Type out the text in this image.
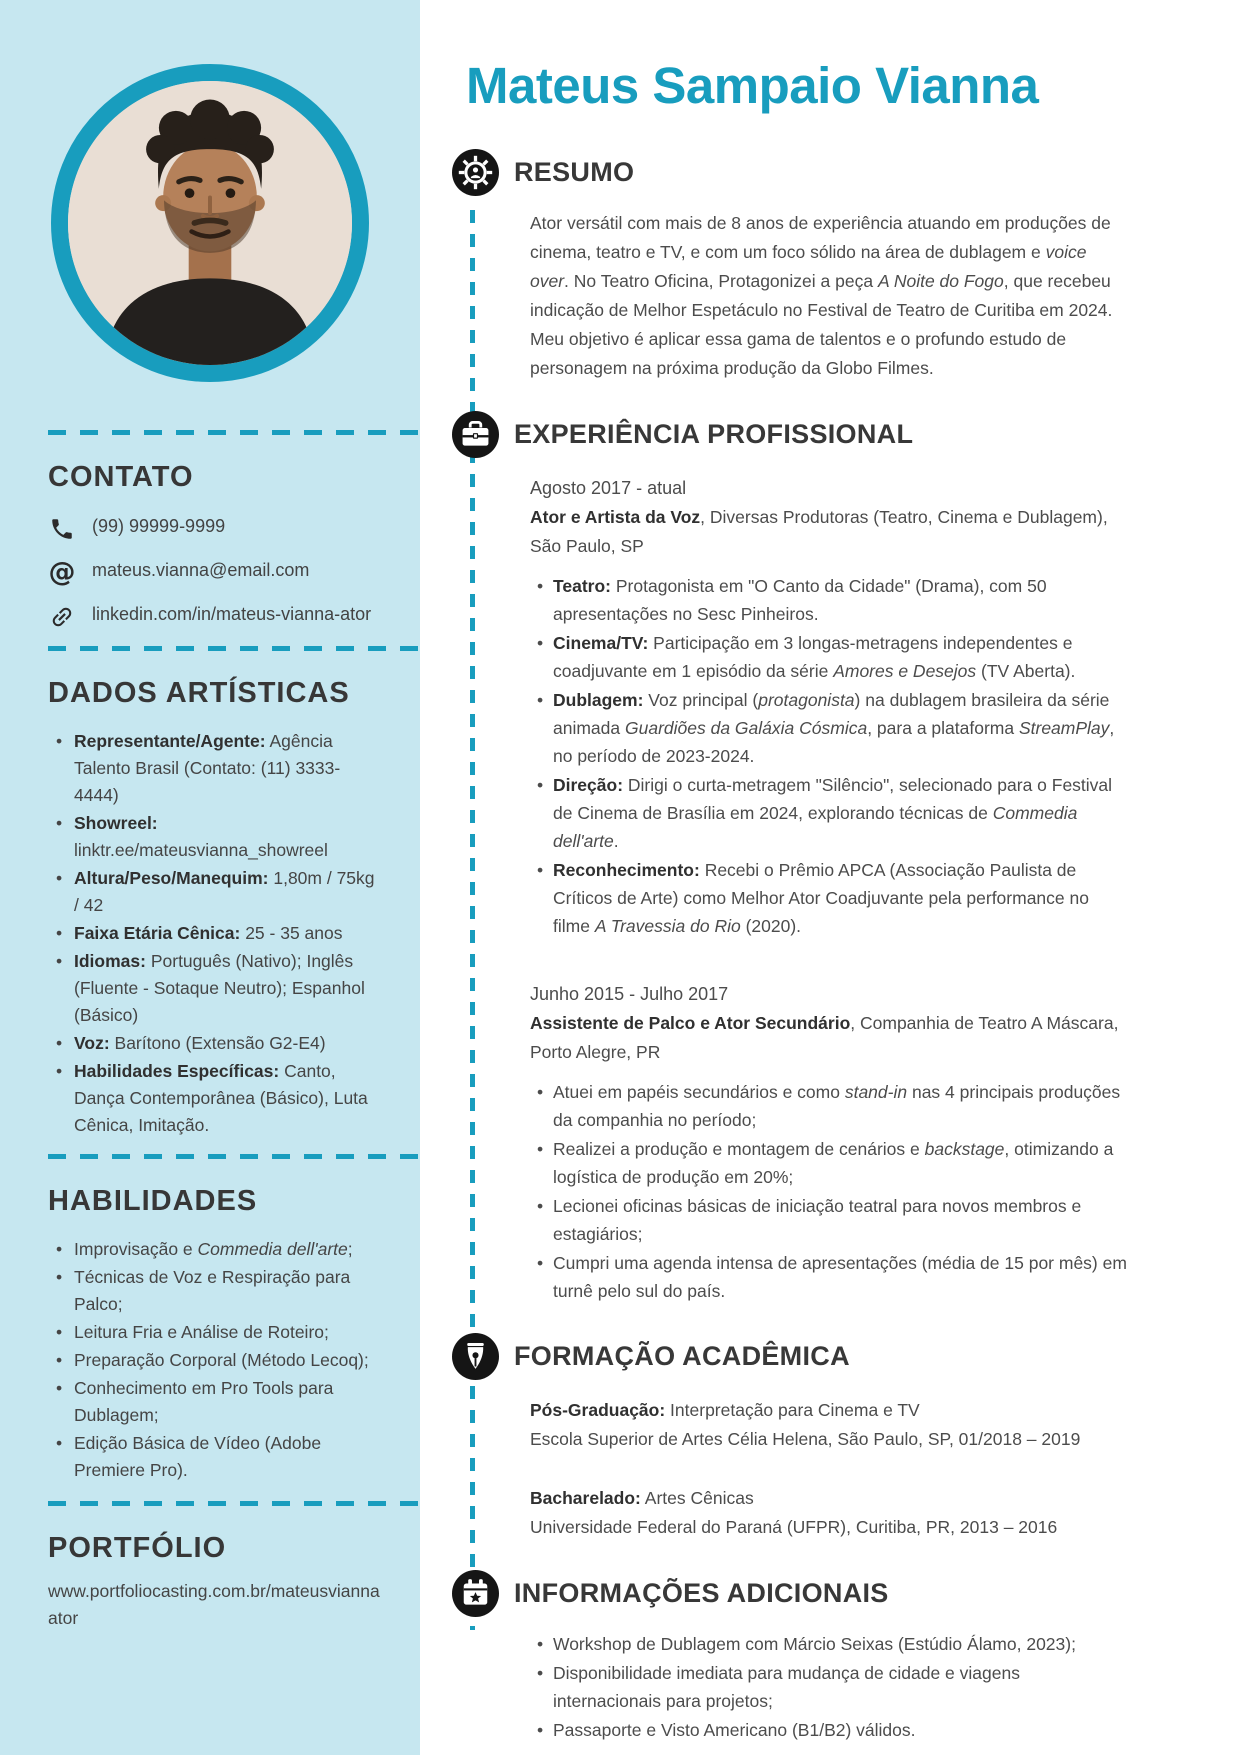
CONTATO
(99) 99999-9999
@ mateus.vianna@email.com
linkedin.com/in/mateus-vianna-ator
DADOS ARTÍSTICAS
• Representante/Agente: Agência Talento Brasil (Contato: (11) 3333-4444)
• Showreel: linktr.ee/mateusvianna_showreel
• Altura/Peso/Manequim: 1,80m / 75kg / 42
• Faixa Etária Cênica: 25 - 35 anos
• Idiomas: Português (Nativo); Inglês (Fluente - Sotaque Neutro); Espanhol (Básico)
• Voz: Barítono (Extensão G2-E4)
• Habilidades Específicas: Canto, Dança Contemporânea (Básico), Luta Cênica, Imitação.
HABILIDADES
• Improvisação e Commedia dell'arte;
• Técnicas de Voz e Respiração para Palco;
• Leitura Fria e Análise de Roteiro;
• Preparação Corporal (Método Lecoq);
• Conhecimento em Pro Tools para Dublagem;
• Edição Básica de Vídeo (Adobe Premiere Pro).
PORTFÓLIO
www.portfoliocasting.com.br/mateusviannaator
Mateus Sampaio Vianna
RESUMO

Ator versátil com mais de 8 anos de experiência atuando em produções de cinema, teatro e TV, e com um foco sólido na área de dublagem e voice over. No Teatro Oficina, Protagonizei a peça A Noite do Fogo, que recebeu indicação de Melhor Espetáculo no Festival de Teatro de Curitiba em 2024. Meu objetivo é aplicar essa gama de talentos e o profundo estudo de personagem na próxima produção da Globo Filmes.

EXPERIÊNCIA PROFISSIONAL
Agosto 2017 - atual
Ator e Artista da Voz, Diversas Produtoras (Teatro, Cinema e Dublagem), São Paulo, SP
• Teatro: Protagonista em "O Canto da Cidade" (Drama), com 50 apresentações no Sesc Pinheiros.
• Cinema/TV: Participação em 3 longas-metragens independentes e coadjuvante em 1 episódio da série Amores e Desejos (TV Aberta).
• Dublagem: Voz principal (protagonista) na dublagem brasileira da série animada Guardiões da Galáxia Cósmica, para a plataforma StreamPlay, no período de 2023-2024.
• Direção: Dirigi o curta-metragem "Silêncio", selecionado para o Festival de Cinema de Brasília em 2024, explorando técnicas de Commedia dell'arte.
• Reconhecimento: Recebi o Prêmio APCA (Associação Paulista de Críticos de Arte) como Melhor Ator Coadjuvante pela performance no filme A Travessia do Rio (2020).
Junho 2015 - Julho 2017
Assistente de Palco e Ator Secundário, Companhia de Teatro A Máscara, Porto Alegre, PR
• Atuei em papéis secundários e como stand-in nas 4 principais produções da companhia no período;
• Realizei a produção e montagem de cenários e backstage, otimizando a logística de produção em 20%;
• Lecionei oficinas básicas de iniciação teatral para novos membros e estagiários;
• Cumpri uma agenda intensa de apresentações (média de 15 por mês) em turnê pelo sul do país.
FORMAÇÃO ACADÊMICA
Pós-Graduação: Interpretação para Cinema e TV
Escola Superior de Artes Célia Helena, São Paulo, SP, 01/2018 – 2019
Bacharelado: Artes Cênicas
Universidade Federal do Paraná (UFPR), Curitiba, PR, 2013 – 2016
INFORMAÇÕES ADICIONAIS
• Workshop de Dublagem com Márcio Seixas (Estúdio Álamo, 2023);
• Disponibilidade imediata para mudança de cidade e viagens internacionais para projetos;
• Passaporte e Visto Americano (B1/B2) válidos.
